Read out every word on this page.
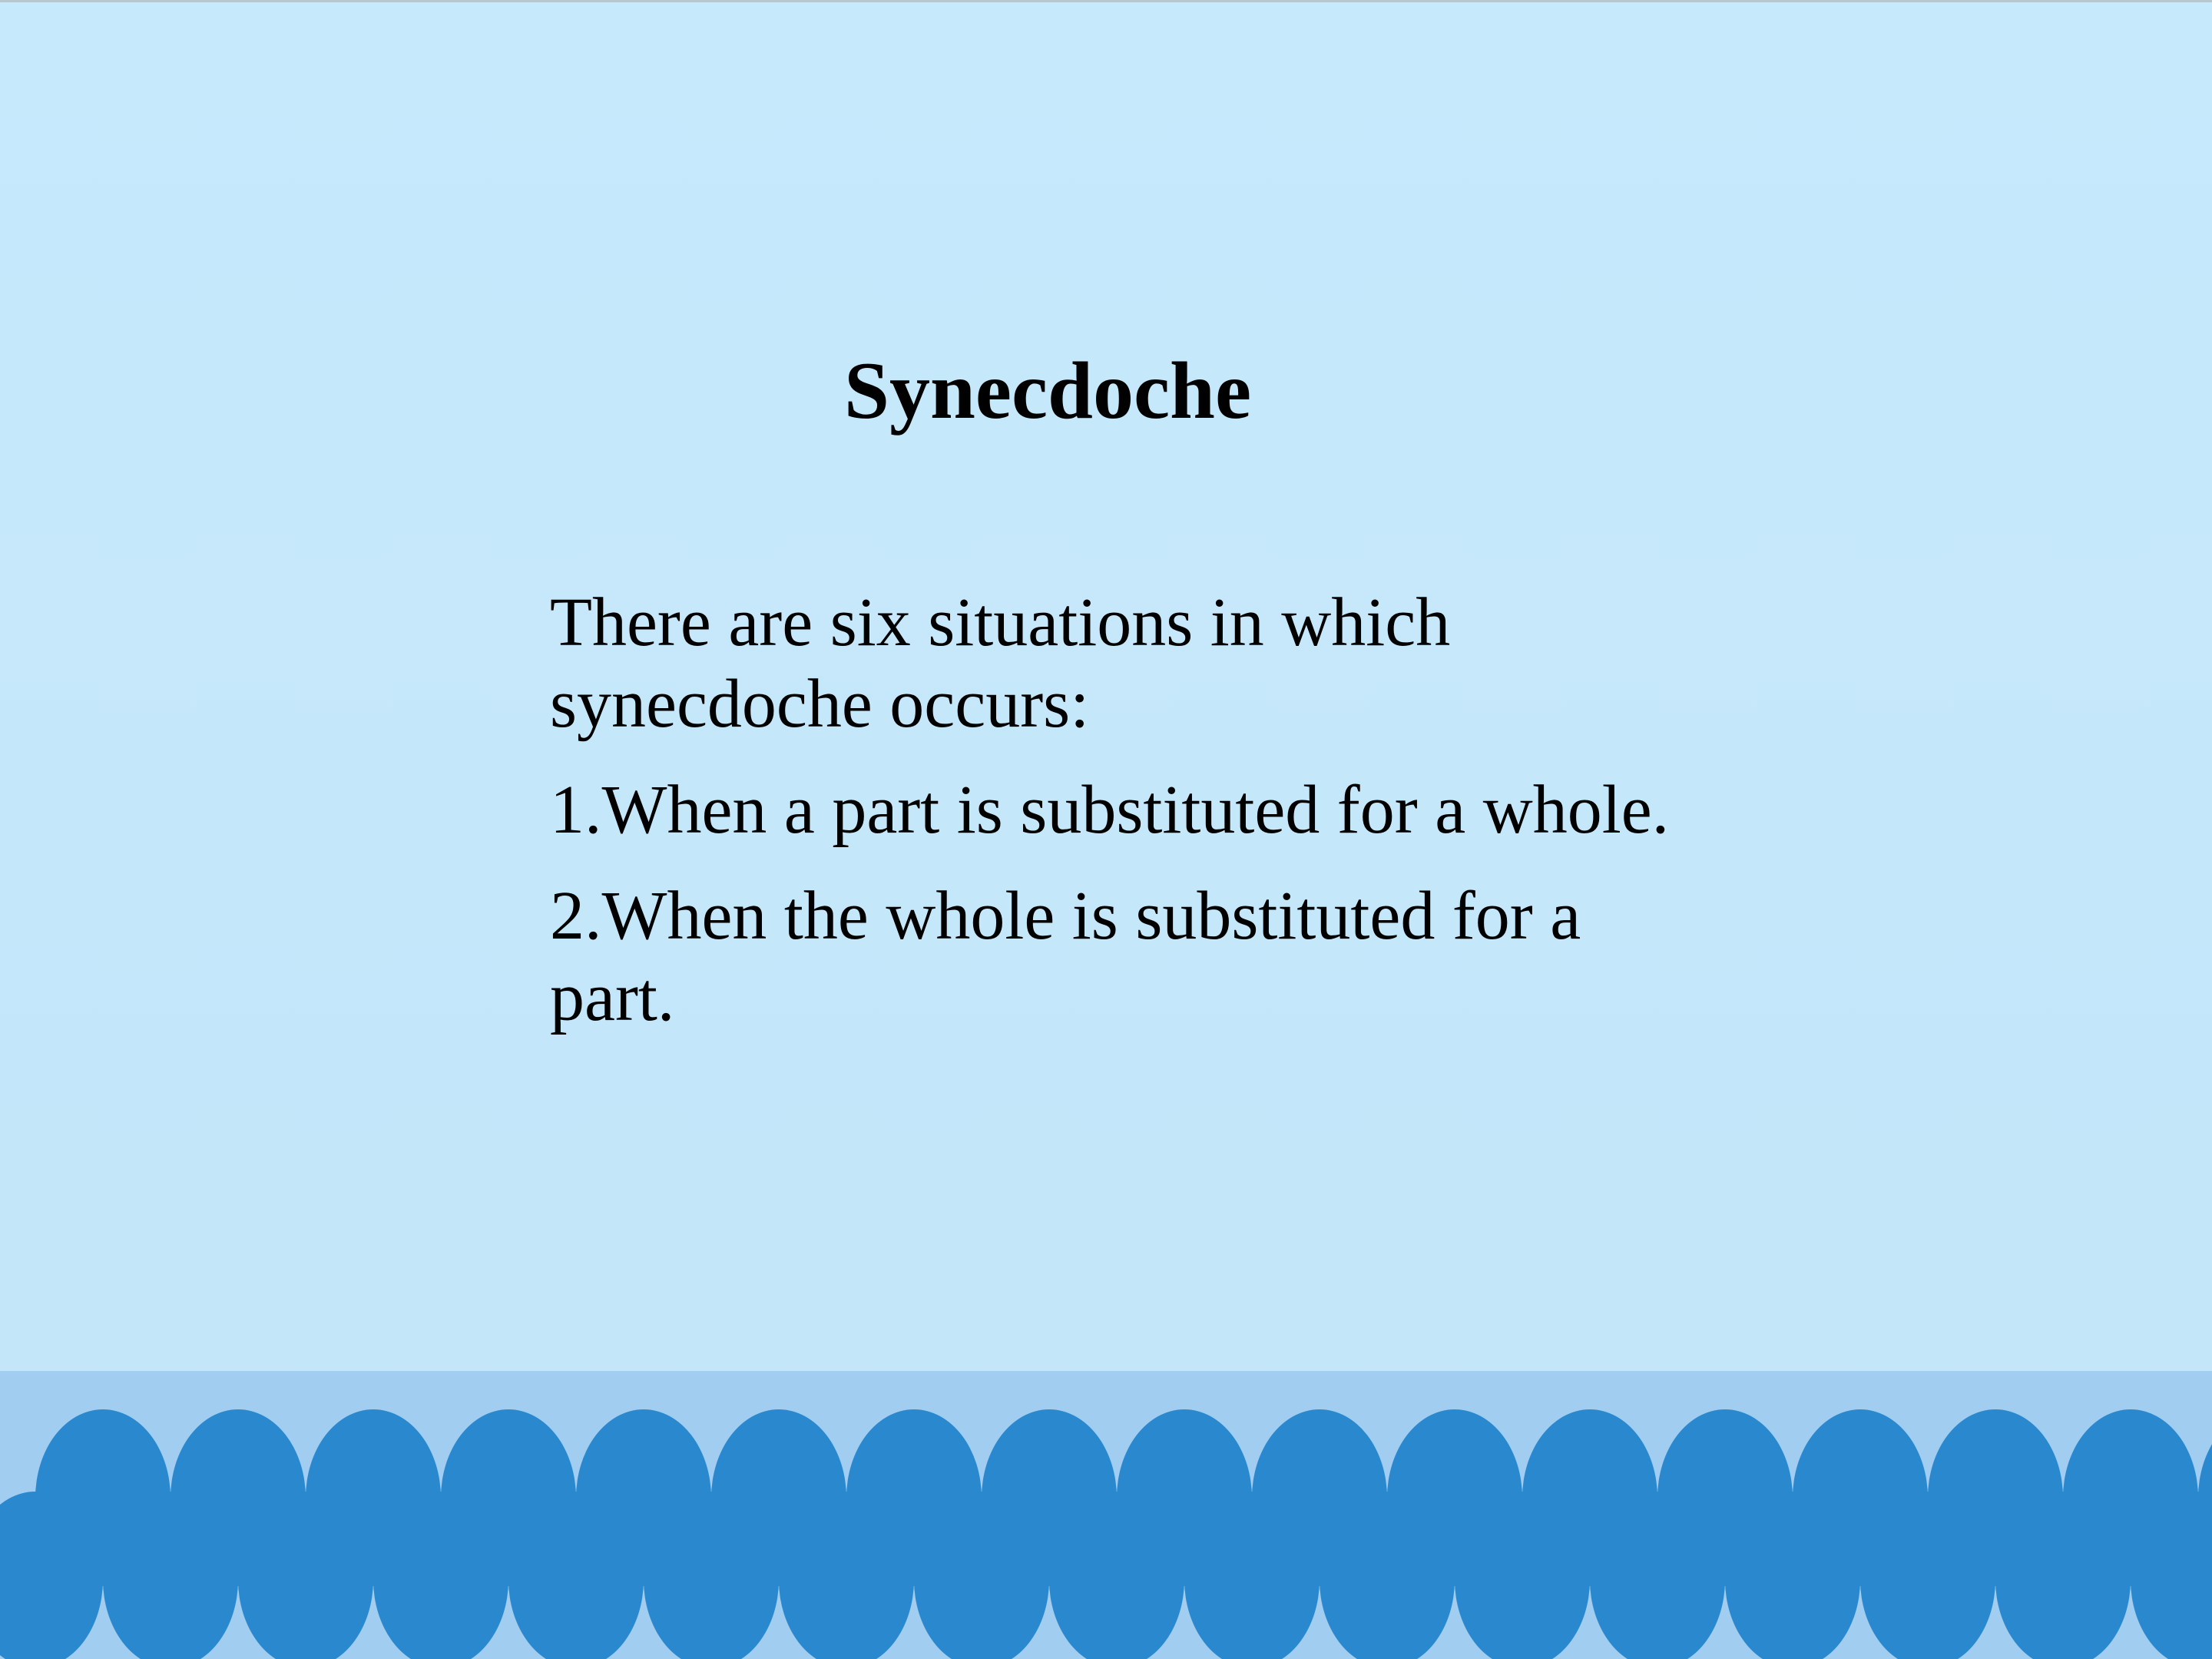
Synecdoche

There are six situations in which synecdoche occurs:

1.When a part is substituted for a whole.

2.When the whole is substituted for a part.
